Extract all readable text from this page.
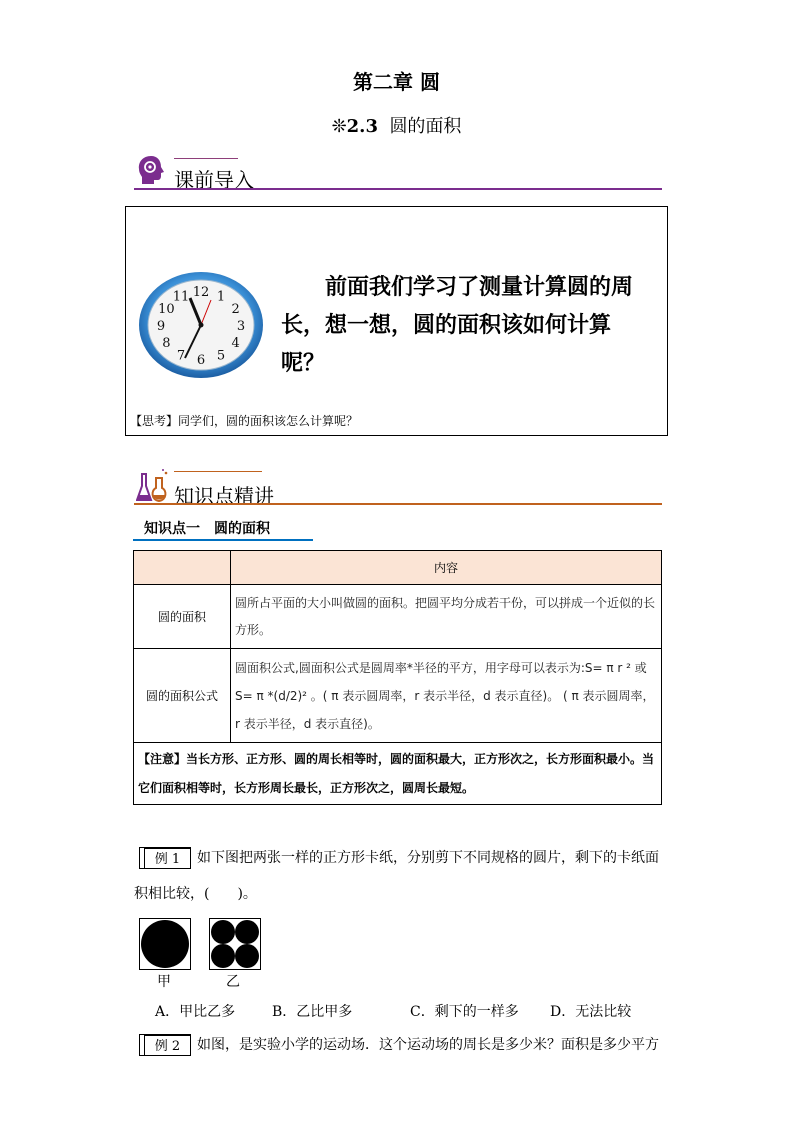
第二章 圆
❊2.3 圆的面积
课前导入
12 1
2
3
4
5
6
7
8
9
10
11	前面我们学习了测量计算圆的周长，想一想，圆的面积该如何计算呢？
【思考】同学们，圆的面积该怎么计算呢？
知识点精讲
知识点一　圆的面积
	内容
圆的面积	圆所占平面的大小叫做圆的面积。把圆平均分成若干份，可以拼成一个近似的长方形。
圆的面积公式	圆面积公式,圆面积公式是圆周率*半径的平方，用字母可以表示为:S= π r ² 或 S= π *(d/2)² 。( π 表示圆周率，r 表示半径，d 表示直径)。 ( π 表示圆周率，r 表示半径，d 表示直径)。
【注意】当长方形、正方形、圆的周长相等时，圆的面积最大，正方形次之，长方形面积最小。当它们面积相等时，长方形周长最长，正方形次之，圆周长最短。	
例 1	如下图把两张一样的正方形卡纸，分别剪下不同规格的圆片，剩下的卡纸面
积相比较，(　　)。
甲	乙
A．甲比乙多	B．乙比甲多	C．剩下的一样多 D．无法比较
例 2	如图，是实验小学的运动场．这个运动场的周长是多少米？面积是多少平方
